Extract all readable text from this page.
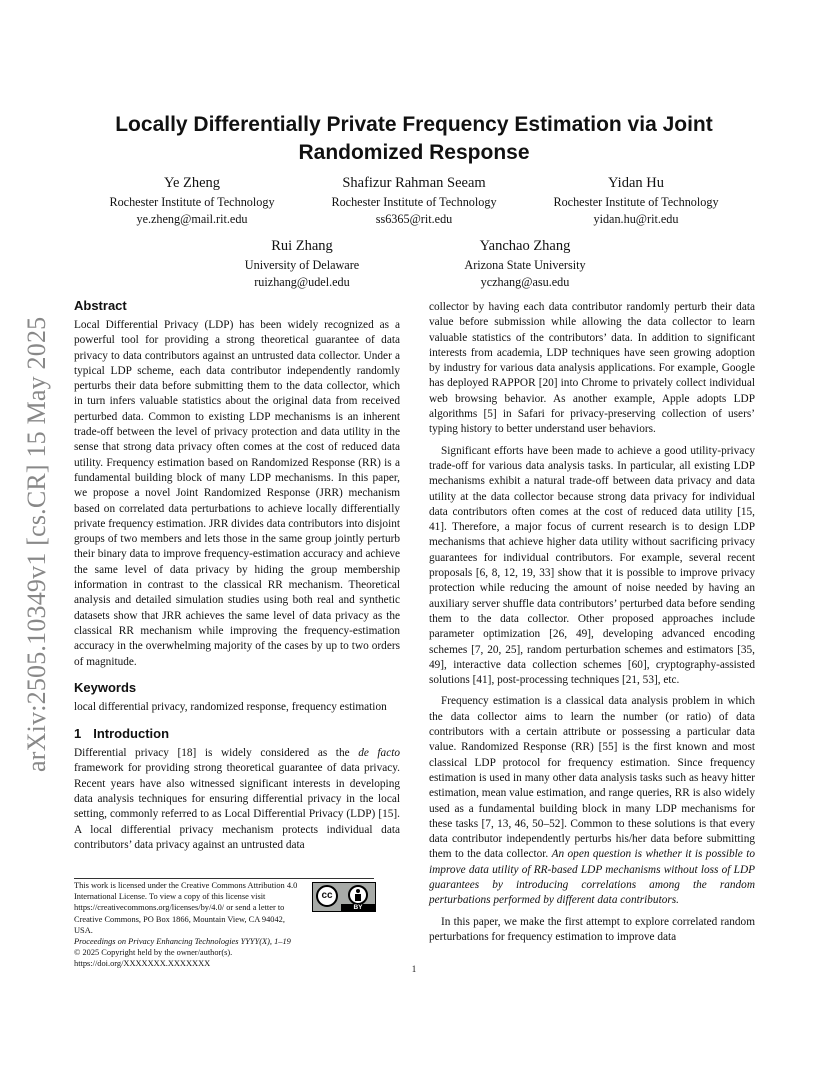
arXiv:2505.10349v1 [cs.CR] 15 May 2025
Locally Differentially Private Frequency Estimation via Joint Randomized Response
Ye Zheng
Rochester Institute of Technology
ye.zheng@mail.rit.edu
Shafizur Rahman Seeam
Rochester Institute of Technology
ss6365@rit.edu
Yidan Hu
Rochester Institute of Technology
yidan.hu@rit.edu
Rui Zhang
University of Delaware
ruizhang@udel.edu
Yanchao Zhang
Arizona State University
yczhang@asu.edu
Abstract

Local Differential Privacy (LDP) has been widely recognized as a powerful tool for providing a strong theoretical guarantee of data privacy to data contributors against an untrusted data collector. Under a typical LDP scheme, each data contributor independently randomly perturbs their data before submitting them to the data collector, which in turn infers valuable statistics about the original data from received perturbed data. Common to existing LDP mechanisms is an inherent trade-off between the level of privacy protection and data utility in the sense that strong data privacy often comes at the cost of reduced data utility. Frequency estimation based on Randomized Response (RR) is a fundamental building block of many LDP mechanisms. In this paper, we propose a novel Joint Randomized Response (JRR) mechanism based on correlated data perturbations to achieve locally differentially private frequency estimation. JRR divides data contributors into disjoint groups of two members and lets those in the same group jointly perturb their binary data to improve frequency-estimation accuracy and achieve the same level of data privacy by hiding the group membership information in contrast to the classical RR mechanism. Theoretical analysis and detailed simulation studies using both real and synthetic datasets show that JRR achieves the same level of data privacy as the classical RR mechanism while improving the frequency-estimation accuracy in the overwhelming majority of the cases by up to two orders of magnitude.

Keywords

local differential privacy, randomized response, frequency estimation

1 Introduction

Differential privacy [18] is widely considered as the de facto framework for providing strong theoretical guarantee of data privacy. Recent years have also witnessed significant interests in developing data analysis techniques for ensuring differential privacy in the local setting, commonly referred to as Local Differential Privacy (LDP) [15]. A local differential privacy mechanism protects individual data contributors’ data privacy against an untrusted data

This work is licensed under the Creative Commons Attribution 4.0 International License. To view a copy of this license visit https://creativecommons.org/licenses/by/4.0/ or send a letter to Creative Commons, PO Box 1866, Mountain View, CA 94042, USA.
Proceedings on Privacy Enhancing Technologies YYYY(X), 1–19
© 2025 Copyright held by the owner/author(s).
https://doi.org/XXXXXXX.XXXXXXX
cc
BY

collector by having each data contributor randomly perturb their data value before submission while allowing the data collector to learn valuable statistics of the contributors’ data. In addition to significant interests from academia, LDP techniques have seen growing adoption by industry for various data analysis applications. For example, Google has deployed RAPPOR [20] into Chrome to privately collect individual web browsing behavior. As another example, Apple adopts LDP algorithms [5] in Safari for privacy-preserving collection of users’ typing history to better understand user behaviors.

Significant efforts have been made to achieve a good utility-privacy trade-off for various data analysis tasks. In particular, all existing LDP mechanisms exhibit a natural trade-off between data privacy and data utility at the data collector because strong data privacy for individual data contributors often comes at the cost of reduced data utility [15, 41]. Therefore, a major focus of current research is to design LDP mechanisms that achieve higher data utility without sacrificing privacy guarantees for individual contributors. For example, several recent proposals [6, 8, 12, 19, 33] show that it is possible to improve privacy protection while reducing the amount of noise needed by having an auxiliary server shuffle data contributors’ perturbed data before sending them to the data collector. Other proposed approaches include parameter optimization [26, 49], developing advanced encoding schemes [7, 20, 25], random perturbation schemes and estimators [35, 49], interactive data collection schemes [60], cryptography-assisted solutions [41], post-processing techniques [21, 53], etc.

Frequency estimation is a classical data analysis problem in which the data collector aims to learn the number (or ratio) of data contributors with a certain attribute or possessing a particular data value. Randomized Response (RR) [55] is the first known and most classical LDP protocol for frequency estimation. Since frequency estimation is used in many other data analysis tasks such as heavy hitter estimation, mean value estimation, and range queries, RR is also widely used as a fundamental building block in many LDP mechanisms for these tasks [7, 13, 46, 50–52]. Common to these solutions is that every data contributor independently perturbs his/her data before submitting them to the data collector. An open question is whether it is possible to improve data utility of RR-based LDP mechanisms without loss of LDP guarantees by introducing correlations among the random perturbations performed by different data contributors.

In this paper, we make the first attempt to explore correlated random perturbations for frequency estimation to improve data

1
